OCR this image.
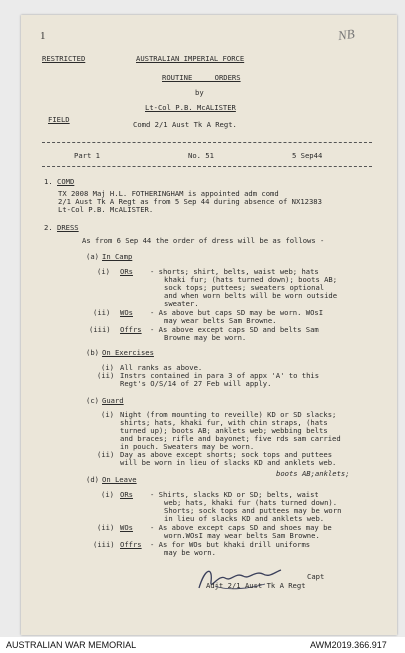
1	NB
RESTRICTED	AUSTRALIAN IMPERIAL FORCE
ROUTINE ORDERS
by
Lt-Col P.B. McALISTER
FIELD
Comd 2/1 Aust Tk A Regt.
Part 1	No. 51	5 Sep44
1. COMD
TX 2008 Maj H.L. FOTHERINGHAM is appointed adm comd
2/1 Aust Tk A Regt as from 5 Sep 44 during absence of NX12383
Lt-Col P.B. McALISTER.
2. DRESS
As from 6 Sep 44 the order of dress will be as follows -
(a) In Camp
(i) ORs - shorts; shirt, belts, waist web; hats
khaki fur; (hats turned down); boots AB;
sock tops; puttees; sweaters optional
and when worn belts will be worn outside
sweater.
(ii) WOs - As above but caps SD may be worn. WOsI
may wear belts Sam Browne.
(iii) Offrs - As above except caps SD and belts Sam
Browne may be worn.
(b) On Exercises
(i) All ranks as above.
(ii) Instrs contained in para 3 of appx 'A' to this
Regt's O/S/14 of 27 Feb will apply.
(c) Guard
(i) Night (from mounting to reveille) KD or SD slacks;
shirts; hats, khaki fur, with chin straps, (hats
turned up); boots AB; anklets web; webbing belts
and braces; rifle and bayonet; five rds sam carried
in pouch. Sweaters may be worn.
(ii) Day as above except shorts; sock tops and puttees
will be worn in lieu of slacks KD and anklets web.
boots AB;anklets;
(d) On Leave
(i) ORs - Shirts, slacks KD or SD; belts, waist
web; hats, khaki fur (hats turned down).
Shorts; sock tops and puttees may be worn
in lieu of slacks KD and anklets web.
(ii) WOs - As above except caps SD and shoes may be
worn.WOsI may wear belts Sam Browne.
(iii) Offrs - As for WOs but khaki drill uniforms
may be worn.
Capt
Adjt 2/1 Aust Tk A Regt
AUSTRALIAN WAR MEMORIAL	AWM2019.366.917
